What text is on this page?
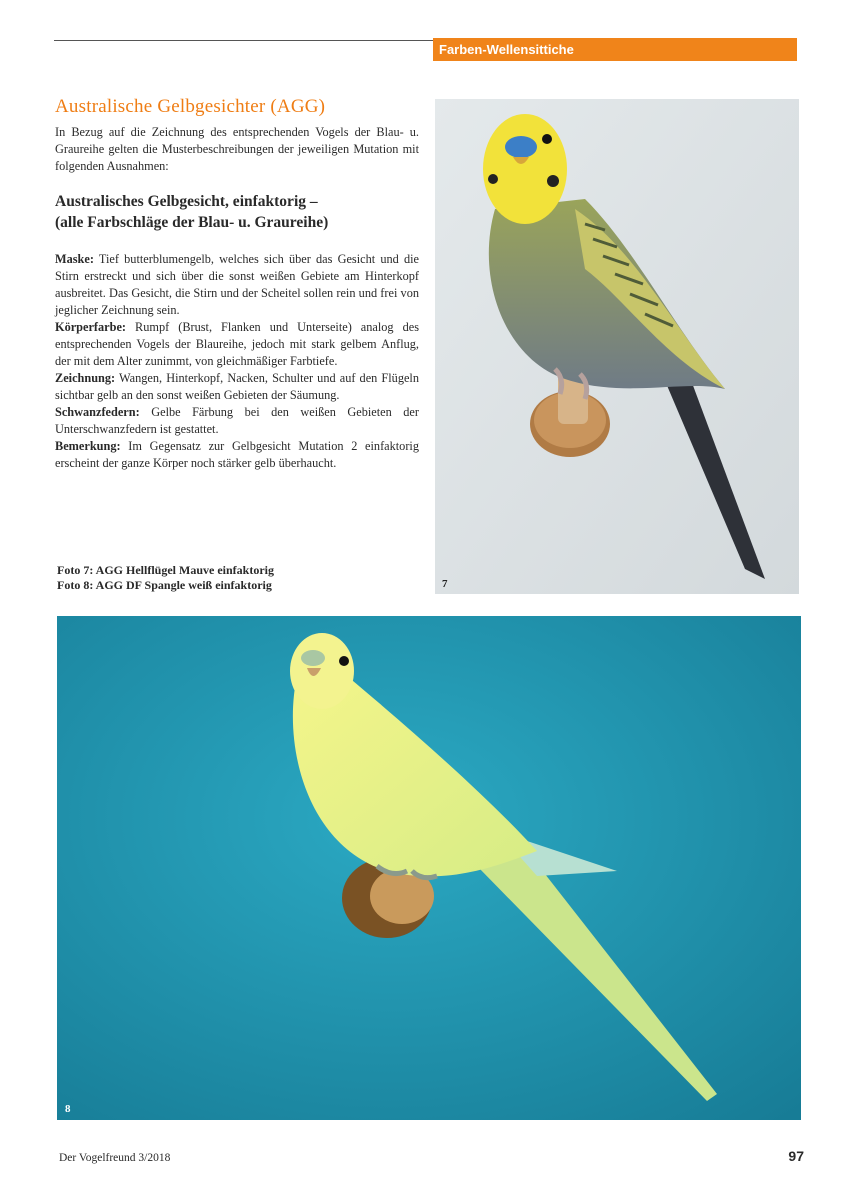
Farben-Wellensittiche
Australische Gelbgesichter (AGG)

In Bezug auf die Zeichnung des entsprechenden Vogels der Blau- u. Graureihe gelten die Musterbeschreibungen der jeweiligen Mutation mit folgenden Ausnahmen:

Australisches Gelbgesicht, einfaktorig –
(alle Farbschläge der Blau- u. Graureihe)

Maske: Tief butterblumengelb, welches sich über das Gesicht und die Stirn erstreckt und sich über die sonst weißen Gebiete am Hinterkopf ausbreitet. Das Gesicht, die Stirn und der Scheitel sollen rein und frei von jeglicher Zeichnung sein.

Körperfarbe: Rumpf (Brust, Flanken und Unterseite) analog des entsprechenden Vogels der Blaureihe, jedoch mit stark gelbem Anflug, der mit dem Alter zunimmt, von gleichmäßiger Farbtiefe.

Zeichnung: Wangen, Hinterkopf, Nacken, Schulter und auf den Flügeln sichtbar gelb an den sonst weißen Gebieten der Säumung.

Schwanzfedern: Gelbe Färbung bei den weißen Gebieten der Unterschwanzfedern ist gestattet.

Bemerkung: Im Gegensatz zur Gelbgesicht Mutation 2 einfaktorig erscheint der ganze Körper noch stärker gelb überhaucht.

Foto 7: AGG Hellflügel Mauve einfaktorig
Foto 8: AGG DF Spangle weiß einfaktorig	7
8
Der Vogelfreund 3/2018	97
